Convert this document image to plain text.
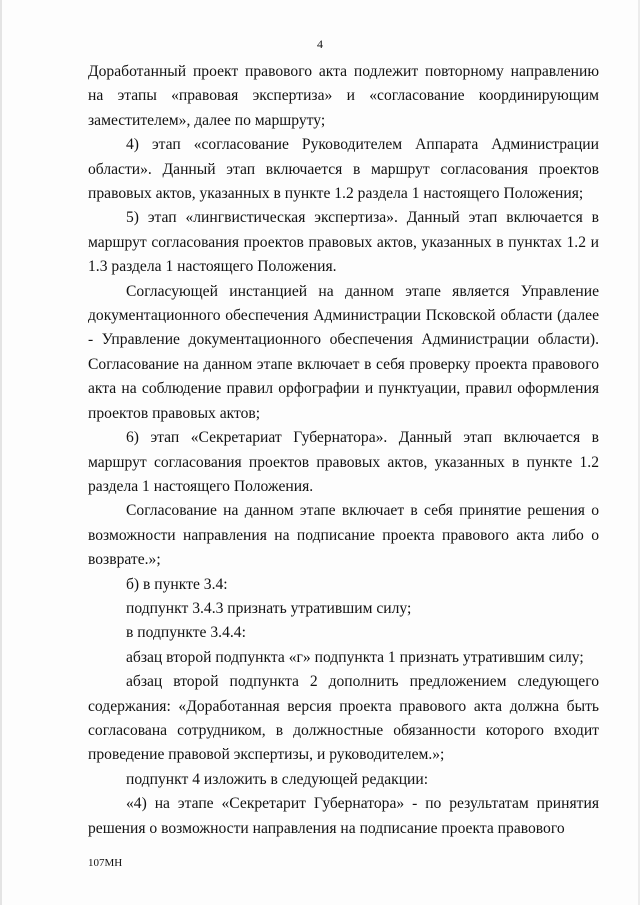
4

Доработанный проект правового акта подлежит повторному направлению на этапы «правовая экспертиза» и «согласование координирующим заместителем», далее по маршруту;

4) этап «согласование Руководителем Аппарата Администрации области». Данный этап включается в маршрут согласования проектов правовых актов, указанных в пункте 1.2 раздела 1 настоящего Положения;

5) этап «лингвистическая экспертиза». Данный этап включается в маршрут согласования проектов правовых актов, указанных в пунктах 1.2 и 1.3 раздела 1 настоящего Положения.

Согласующей инстанцией на данном этапе является Управление документационного обеспечения Администрации Псковской области (далее - Управление документационного обеспечения Администрации области). Согласование на данном этапе включает в себя проверку проекта правового акта на соблюдение правил орфографии и пунктуации, правил оформления проектов правовых актов;

6) этап «Секретариат Губернатора». Данный этап включается в маршрут согласования проектов правовых актов, указанных в пункте 1.2 раздела 1 настоящего Положения.

Согласование на данном этапе включает в себя принятие решения о возможности направления на подписание проекта правового акта либо о возврате.»;

б) в пункте 3.4:

подпункт 3.4.3 признать утратившим силу;

в подпункте 3.4.4:

абзац второй подпункта «г» подпункта 1 признать утратившим силу;

абзац второй подпункта 2 дополнить предложением следующего содержания: «Доработанная версия проекта правового акта должна быть согласована сотрудником, в должностные обязанности которого входит проведение правовой экспертизы, и руководителем.»;

подпункт 4 изложить в следующей редакции:

«4) на этапе «Секретарит Губернатора» - по результатам принятия решения о возможности направления на подписание проекта правового

107МН
